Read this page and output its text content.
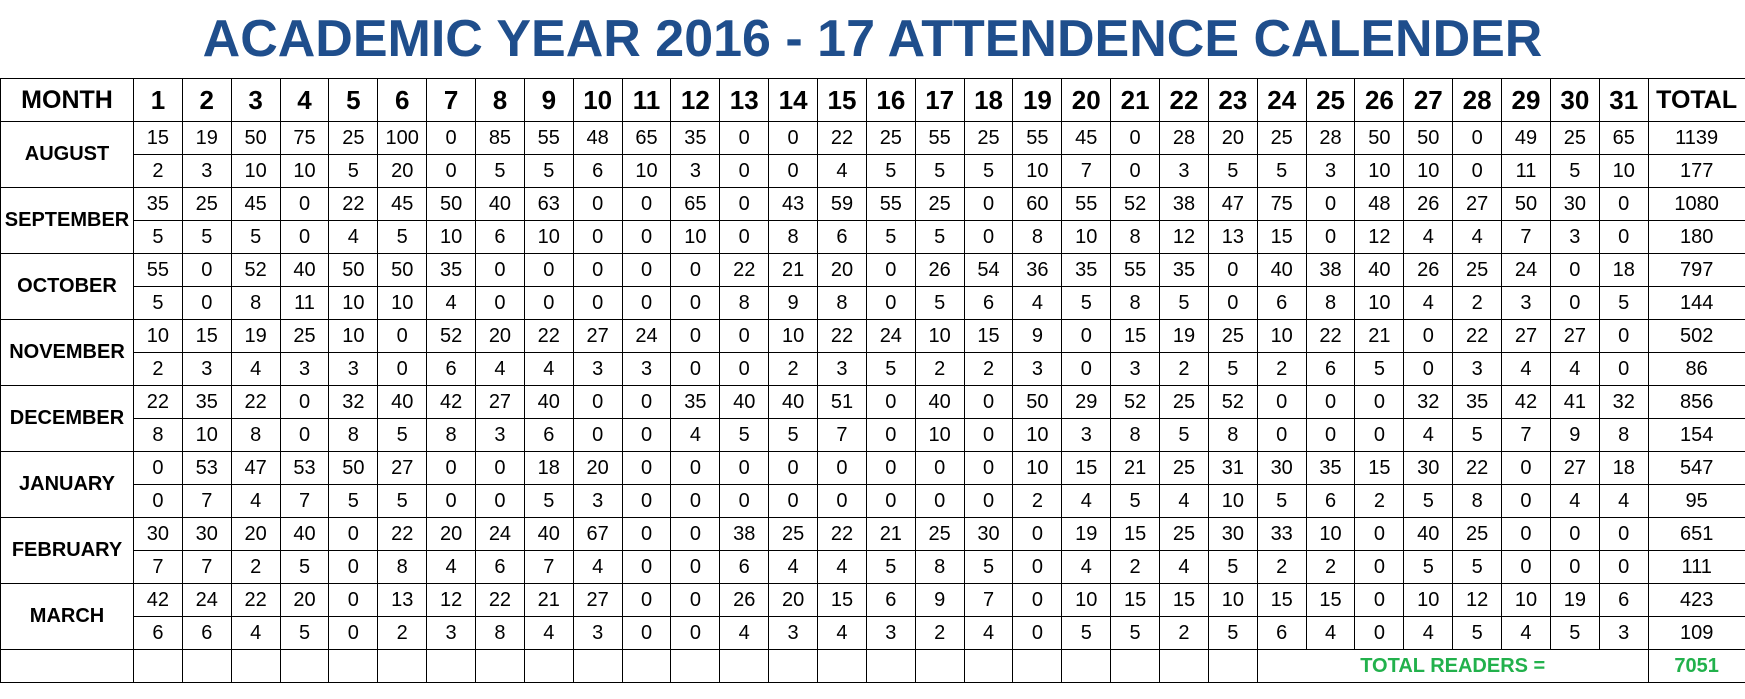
ACADEMIC YEAR 2016 - 17 ATTENDENCE CALENDER
MONTH	1	2	3	4	5	6	7	8	9	10	11	12	13	14	15	16	17	18	19	20	21	22	23	24	25	26	27	28	29	30	31	TOTAL
AUGUST	15	19	50	75	25	100	0	85	55	48	65	35	0	0	22	25	55	25	55	45	0	28	20	25	28	50	50	0	49	25	65	1139
	2	3	10	10	5	20	0	5	5	6	10	3	0	0	4	5	5	5	10	7	0	3	5	5	3	10	10	0	11	5	10	177
SEPTEMBER	35	25	45	0	22	45	50	40	63	0	0	65	0	43	59	55	25	0	60	55	52	38	47	75	0	48	26	27	50	30	0	1080
	5	5	5	0	4	5	10	6	10	0	0	10	0	8	6	5	5	0	8	10	8	12	13	15	0	12	4	4	7	3	0	180
OCTOBER	55	0	52	40	50	50	35	0	0	0	0	0	22	21	20	0	26	54	36	35	55	35	0	40	38	40	26	25	24	0	18	797
	5	0	8	11	10	10	4	0	0	0	0	0	8	9	8	0	5	6	4	5	8	5	0	6	8	10	4	2	3	0	5	144
NOVEMBER	10	15	19	25	10	0	52	20	22	27	24	0	0	10	22	24	10	15	9	0	15	19	25	10	22	21	0	22	27	27	0	502
	2	3	4	3	3	0	6	4	4	3	3	0	0	2	3	5	2	2	3	0	3	2	5	2	6	5	0	3	4	4	0	86
DECEMBER	22	35	22	0	32	40	42	27	40	0	0	35	40	40	51	0	40	0	50	29	52	25	52	0	0	0	32	35	42	41	32	856
	8	10	8	0	8	5	8	3	6	0	0	4	5	5	7	0	10	0	10	3	8	5	8	0	0	0	4	5	7	9	8	154
JANUARY	0	53	47	53	50	27	0	0	18	20	0	0	0	0	0	0	0	0	10	15	21	25	31	30	35	15	30	22	0	27	18	547
	0	7	4	7	5	5	0	0	5	3	0	0	0	0	0	0	0	0	2	4	5	4	10	5	6	2	5	8	0	4	4	95
FEBRUARY	30	30	20	40	0	22	20	24	40	67	0	0	38	25	22	21	25	30	0	19	15	25	30	33	10	0	40	25	0	0	0	651
	7	7	2	5	0	8	4	6	7	4	0	0	6	4	4	5	8	5	0	4	2	4	5	2	2	0	5	5	0	0	0	111
MARCH	42	24	22	20	0	13	12	22	21	27	0	0	26	20	15	6	9	7	0	10	15	15	10	15	15	0	10	12	10	19	6	423
	6	6	4	5	0	2	3	8	4	3	0	0	4	3	4	3	2	4	0	5	5	2	5	6	4	0	4	5	4	5	3	109
																								TOTAL READERS =								7051
